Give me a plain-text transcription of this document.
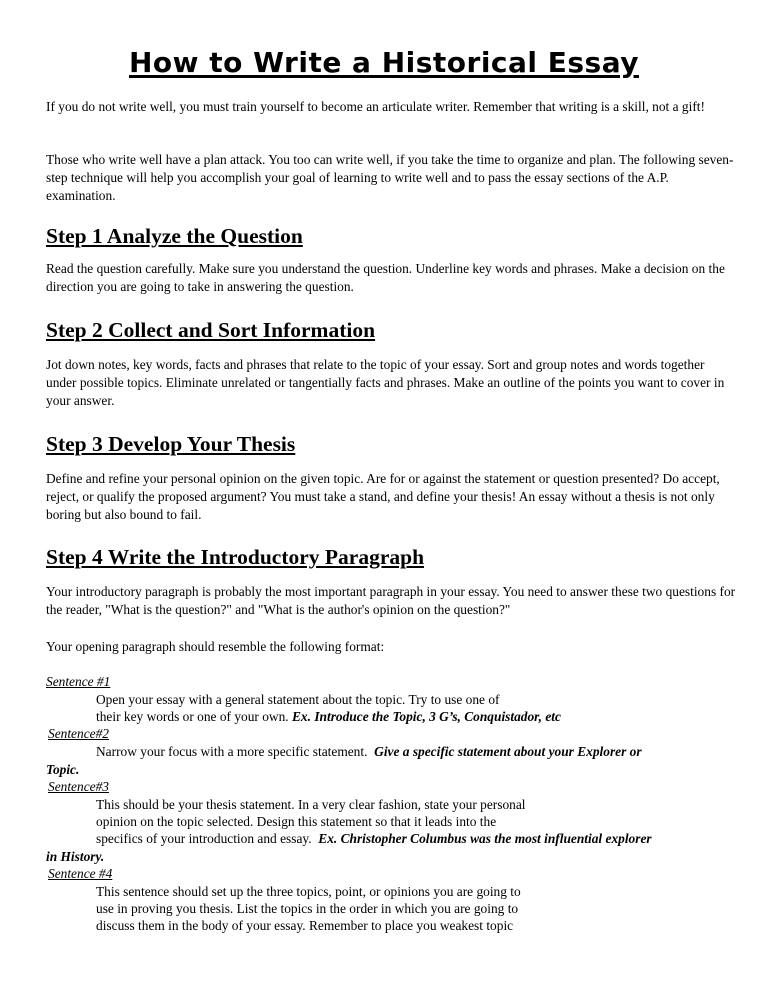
How to Write a Historical Essay
If you do not write well, you must train yourself to become an articulate writer. Remember that writing is a skill, not a gift!
Those who write well have a plan attack. You too can write well, if you take the time to organize and plan. The following seven-step technique will help you accomplish your goal of learning to write well and to pass the essay sections of the A.P. examination.
Step 1 Analyze the Question
Read the question carefully. Make sure you understand the question. Underline key words and phrases. Make a decision on the direction you are going to take in answering the question.
Step 2 Collect and Sort Information
Jot down notes, key words, facts and phrases that relate to the topic of your essay. Sort and group notes and words together under possible topics. Eliminate unrelated or tangentially facts and phrases. Make an outline of the points you want to cover in your answer.
Step 3 Develop Your Thesis
Define and refine your personal opinion on the given topic. Are for or against the statement or question presented? Do accept, reject, or qualify the proposed argument? You must take a stand, and define your thesis! An essay without a thesis is not only boring but also bound to fail.
Step 4 Write the Introductory Paragraph
Your introductory paragraph is probably the most important paragraph in your essay. You need to answer these two questions for the reader, "What is the question?" and "What is the author's opinion on the question?"
Your opening paragraph should resemble the following format:
Sentence #1
Open your essay with a general statement about the topic. Try to use one of
their key words or one of your own. Ex. Introduce the Topic, 3 G’s, Conquistador, etc
Sentence#2
Narrow your focus with a more specific statement. Give a specific statement about your Explorer or
Topic.
Sentence#3
This should be your thesis statement. In a very clear fashion, state your personal
opinion on the topic selected. Design this statement so that it leads into the
specifics of your introduction and essay. Ex. Christopher Columbus was the most influential explorer
in History.
Sentence #4
This sentence should set up the three topics, point, or opinions you are going to
use in proving you thesis. List the topics in the order in which you are going to
discuss them in the body of your essay. Remember to place you weakest topic
